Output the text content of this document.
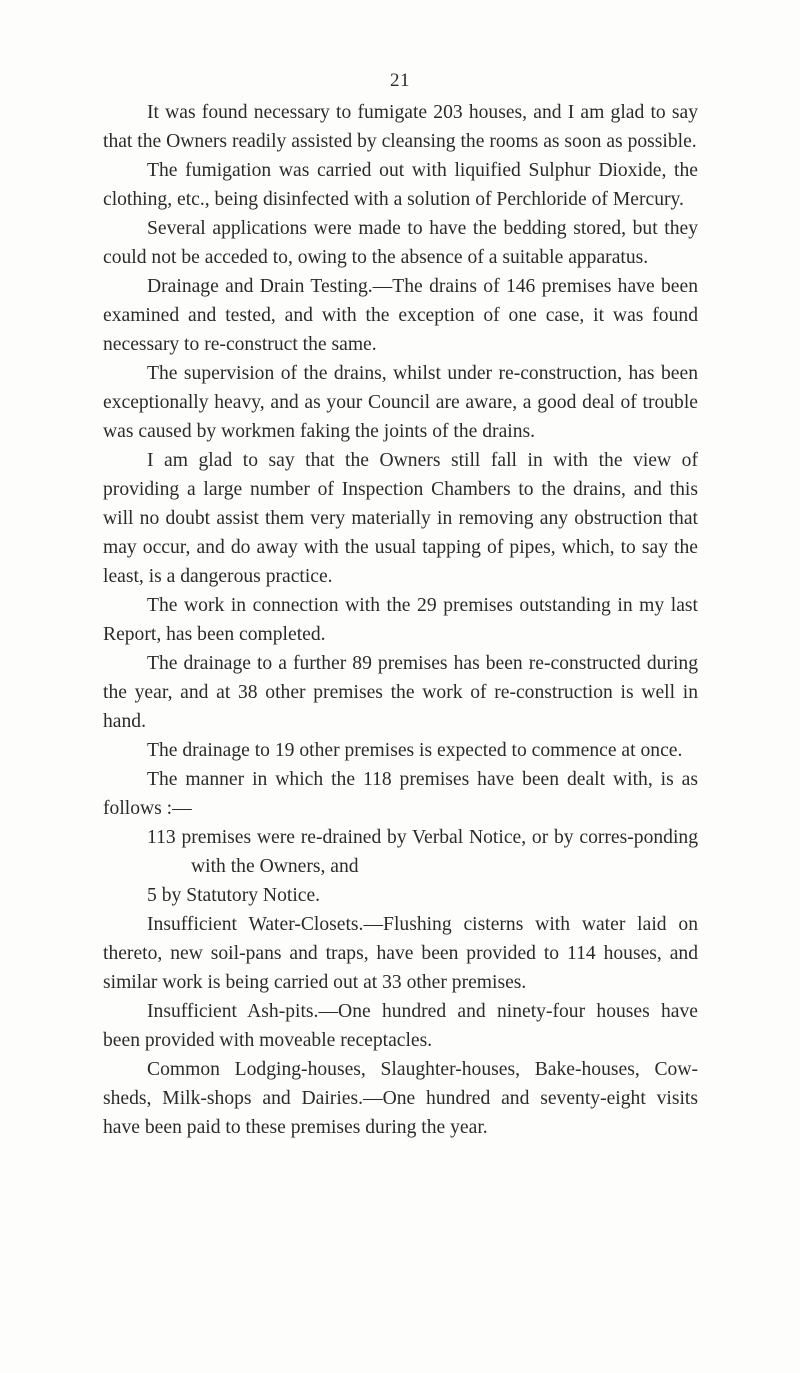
21

It was found necessary to fumigate 203 houses, and I am glad to say that the Owners readily assisted by cleansing the rooms as soon as possible.

The fumigation was carried out with liquified Sulphur Dioxide, the clothing, etc., being disinfected with a solution of Perchloride of Mercury.

Several applications were made to have the bedding stored, but they could not be acceded to, owing to the absence of a suitable apparatus.

Drainage and Drain Testing.—The drains of 146 premises have been examined and tested, and with the exception of one case, it was found necessary to re-construct the same.

The supervision of the drains, whilst under re-construction, has been exceptionally heavy, and as your Council are aware, a good deal of trouble was caused by workmen faking the joints of the drains.

I am glad to say that the Owners still fall in with the view of providing a large number of Inspection Chambers to the drains, and this will no doubt assist them very materially in removing any obstruction that may occur, and do away with the usual tapping of pipes, which, to say the least, is a dangerous practice.

The work in connection with the 29 premises outstanding in my last Report, has been completed.

The drainage to a further 89 premises has been re-constructed during the year, and at 38 other premises the work of re-construction is well in hand.

The drainage to 19 other premises is expected to commence at once.

The manner in which the 118 premises have been dealt with, is as follows :—

113 premises were re-drained by Verbal Notice, or by corres-ponding with the Owners, and

5 by Statutory Notice.

Insufficient Water-Closets.—Flushing cisterns with water laid on thereto, new soil-pans and traps, have been provided to 114 houses, and similar work is being carried out at 33 other premises.

Insufficient Ash-pits.—One hundred and ninety-four houses have been provided with moveable receptacles.

Common Lodging-houses, Slaughter-houses, Bake-houses, Cow-sheds, Milk-shops and Dairies.—One hundred and seventy-eight visits have been paid to these premises during the year.
